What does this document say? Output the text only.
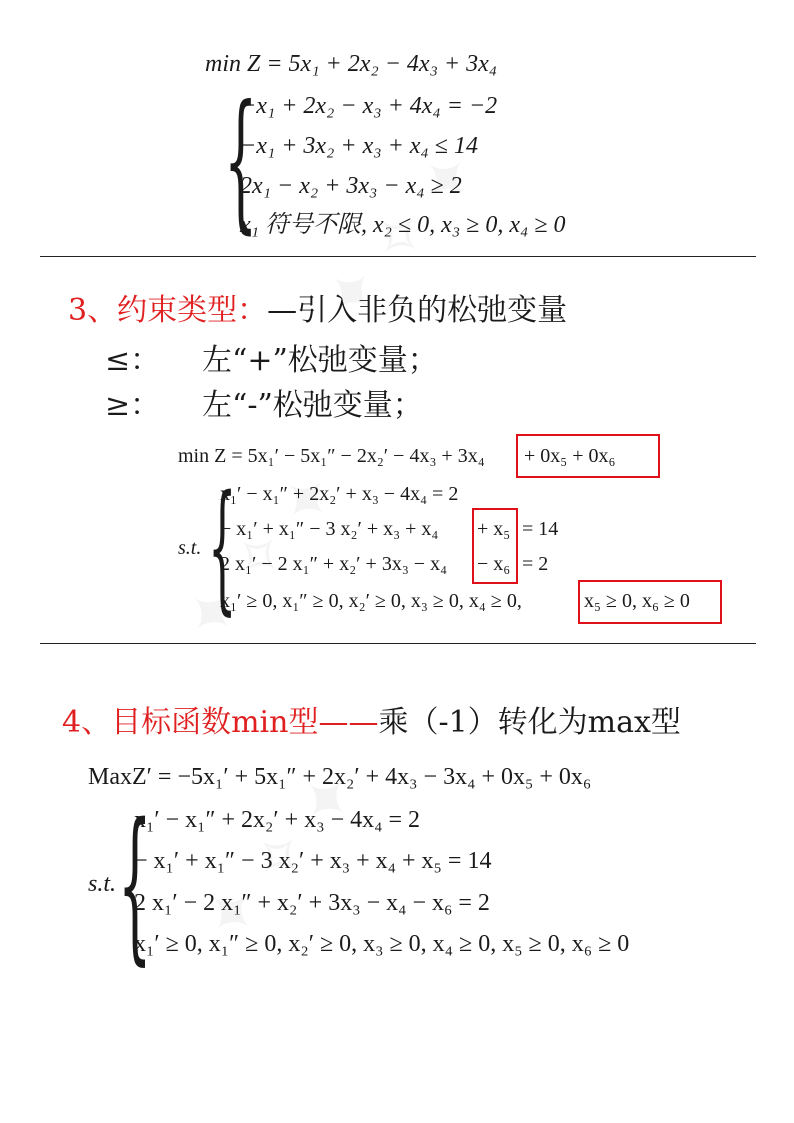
min Z = 5x₁ + 2x₂ − 4x₃ + 3x₄
{
−x₁ + 2x₂ − x₃ + 4x₄ = −2
−x₁ + 3x₂ + x₃ + x₄ ≤ 14
2x₁ − x₂ + 3x₃ − x₄ ≥ 2
x₁ 符号不限, x₂ ≤ 0, x₃ ≥ 0, x₄ ≥ 0
3、约束类型：—引入非负的松弛变量
≤： 左“+”松弛变量；
≥： 左“-”松弛变量；
min Z = 5x₁′ − 5x₁″ − 2x₂′ − 4x₃ + 3x₄ + 0x₅ + 0x₆
s.t. {
x₁′ − x₁″ + 2x₂′ + x₃ − 4x₄ = 2
− x₁′ + x₁″ − 3 x₂′ + x₃ + x₄ + x₅ = 14
2 x₁′ − 2 x₁″ + x₂′ + 3x₃ − x₄ − x₆ = 2
x₁′ ≥ 0, x₁″ ≥ 0, x₂′ ≥ 0, x₃ ≥ 0, x₄ ≥ 0,	x₅ ≥ 0, x₆ ≥ 0
4、目标函数min型——乘（-1）转化为max型
MaxZ′ = −5x₁′ + 5x₁″ + 2x₂′ + 4x₃ − 3x₄ + 0x₅ + 0x₆
s.t. {
x₁′ − x₁″ + 2x₂′ + x₃ − 4x₄ = 2
− x₁′ + x₁″ − 3 x₂′ + x₃ + x₄ + x₅ = 14
2 x₁′ − 2 x₁″ + x₂′ + 3x₃ − x₄ − x₆ = 2
x₁′ ≥ 0, x₁″ ≥ 0, x₂′ ≥ 0, x₃ ≥ 0, x₄ ≥ 0, x₅ ≥ 0, x₆ ≥ 0
